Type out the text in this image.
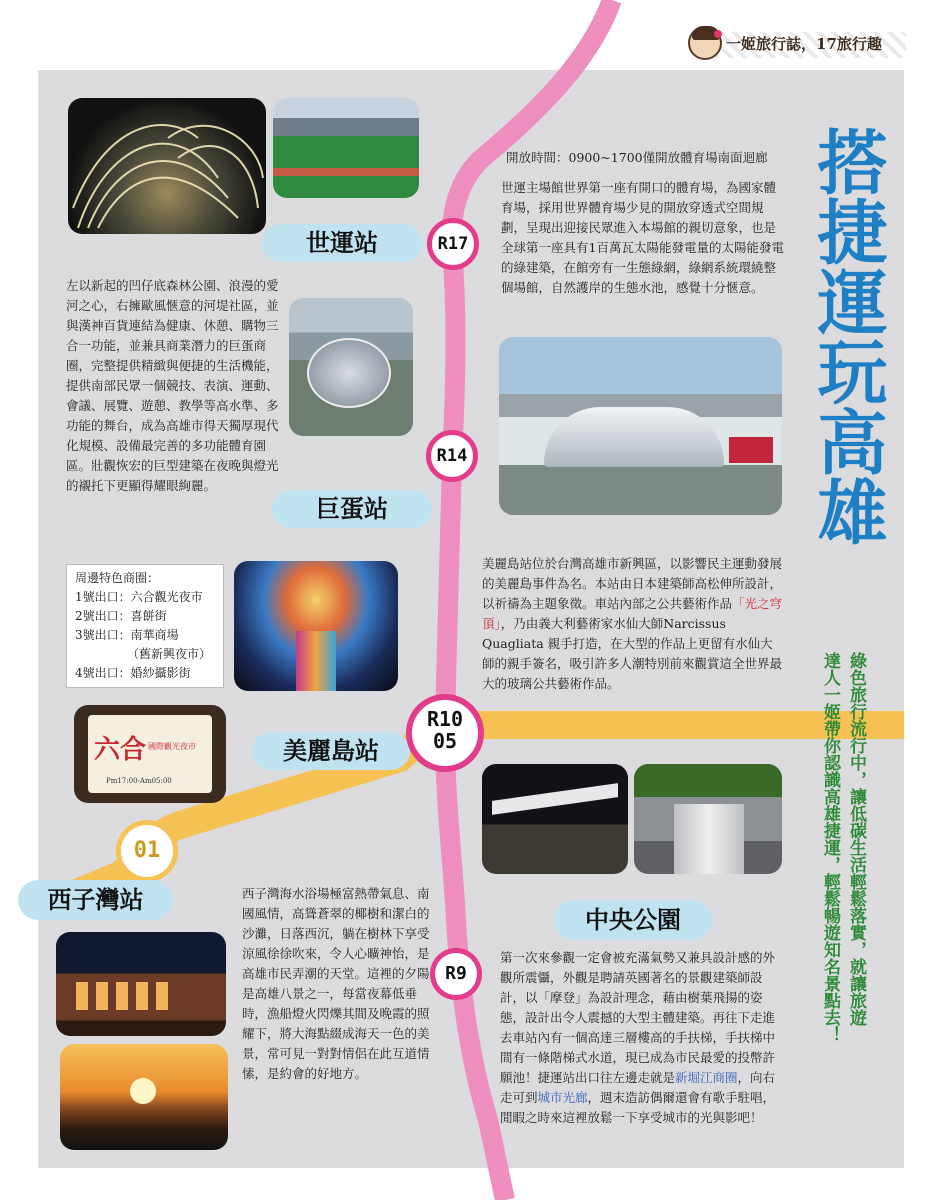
一姬旅行誌，17旅行趣
六合 國際觀光夜市
Pm17:00-Am05:00
世運站	R17
R14
巨蛋站
美麗島站
R10
05
01
西子灣站
中央公園
R9
搭捷運玩高雄
綠色旅行流行中，讓低碳生活輕鬆落實，就讓旅遊
達人一姬帶你認識高雄捷運，輕鬆暢遊知名景點去！
開放時間：0900~1700僅開放體育場南面迴廊
世運主場館世界第一座有開口的體育場，為國家體育場，採用世界體育場少見的開放穿透式空間規劃，呈現出迎接民眾進入本場館的親切意象，也是全球第一座具有1百萬瓦太陽能發電量的太陽能發電的綠建築，在館旁有一生態綠網，綠網系統環繞整個場館，自然護岸的生態水池，感覺十分愜意。
左以新起的凹仔底森林公園、浪漫的愛河之心，右擁歐風愜意的河堤社區，並與漢神百貨連結為健康、休憩、購物三合一功能，並兼具商業潛力的巨蛋商圈，完整提供精緻與便捷的生活機能，提供南部民眾一個競技、表演、運動、會議、展覽、遊憩、教學等高水準、多功能的舞台，成為高雄市得天獨厚現代化規模、設備最完善的多功能體育園區。壯觀恢宏的巨型建築在夜晚與燈光的襯托下更顯得耀眼絢麗。
美麗島站位於台灣高雄市新興區，以影響民主運動發展的美麗島事件為名。本站由日本建築師高松伸所設計，以祈禱為主題象徵。車站內部之公共藝術作品「光之穹頂」，乃由義大利藝術家水仙大師Narcissus Quagliata 親手打造，在大型的作品上更留有水仙大師的親手簽名，吸引許多人潮特別前來觀賞這全世界最大的玻璃公共藝術作品。
周邊特色商圈：
1號出口：六合觀光夜市
2號出口：喜餅街
3號出口：南華商場
（舊新興夜市）
4號出口：婚紗攝影街
西子灣海水浴場極富熱帶氣息、南國風情，高聳蒼翠的椰樹和潔白的沙灘，日落西沉，躺在樹林下享受涼風徐徐吹來，令人心曠神怡，是高雄市民弄潮的天堂。這裡的夕陽是高雄八景之一，每當夜幕低垂時，漁船燈火閃爍其間及晚霞的照耀下，將大海點綴成海天一色的美景，常可見一對對情侶在此互道情愫，是約會的好地方。
第一次來參觀一定會被充滿氣勢又兼具設計感的外觀所震懾，外觀是聘請英國著名的景觀建築師設計，以「摩登」為設計理念，藉由樹葉飛揚的姿態，設計出令人震撼的大型主體建築。再往下走進去車站內有一個高達三層樓高的手扶梯，手扶梯中間有一條階梯式水道，現已成為市民最愛的投幣許願池！捷運站出口往左邊走就是新堀江商圈，向右走可到城市光廊，週末造訪偶爾還會有歌手駐唱，閒暇之時來這裡放鬆一下享受城市的光與影吧！
